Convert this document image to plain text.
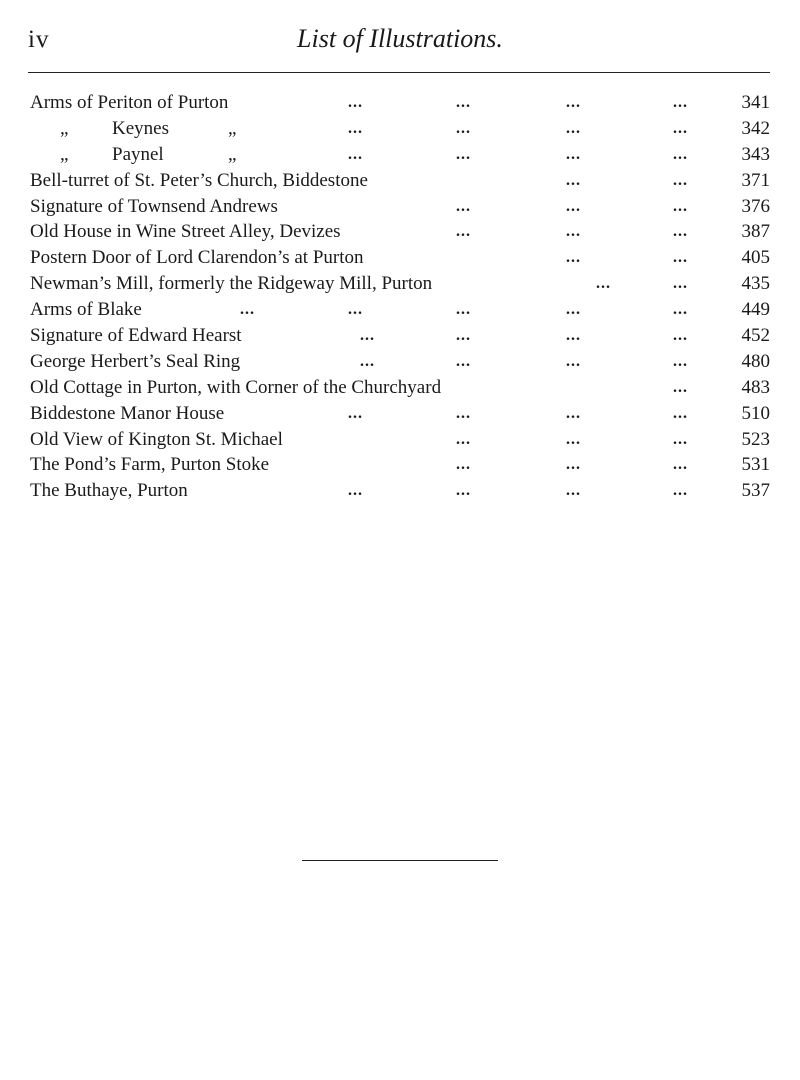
iv	List of Illustrations.
Arms of Periton of Purton	...	...	...	...	341
„ Keynes	„	...	...	...	...	342
„ Paynel	„	...	...	...	...	343
Bell-turret of St. Peter’s Church, Biddestone	...	...	371
Signature of Townsend Andrews	...	...	...	376
Old House in Wine Street Alley, Devizes	...	...	...	387
Postern Door of Lord Clarendon’s at Purton	...	...	405
Newman’s Mill, formerly the Ridgeway Mill, Purton	...	...	435
Arms of Blake	...	...	...	...	...	449
Signature of Edward Hearst	...	...	...	...	452
George Herbert’s Seal Ring	...	...	...	...	480
Old Cottage in Purton, with Corner of the Churchyard	...	483
Biddestone Manor House	...	...	...	...	510
Old View of Kington St. Michael	...	...	...	523
The Pond’s Farm, Purton Stoke	...	...	...	531
The Buthaye, Purton	...	...	...	...	537
